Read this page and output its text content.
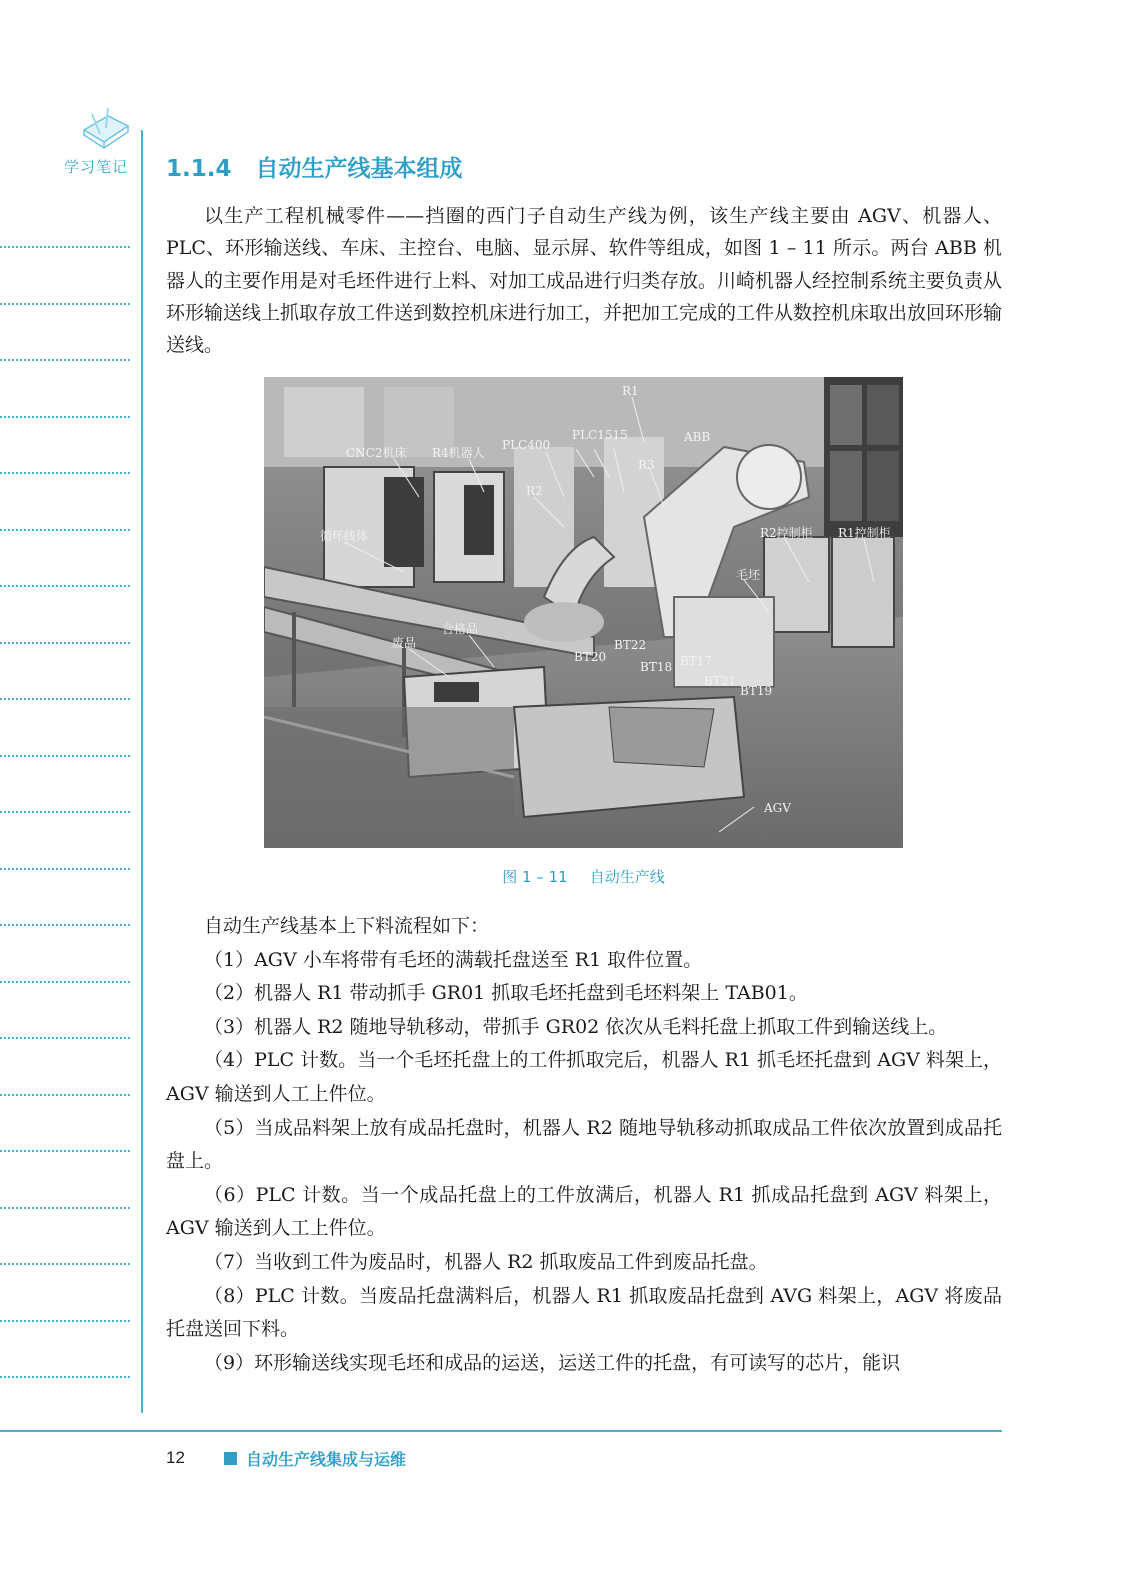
学习笔记 1.1.4 自动生产线基本组成

以生产工程机械零件——挡圈的西门子自动生产线为例，该生产线主要由 AGV、机器人、PLC、环形输送线、车床、主控台、电脑、显示屏、软件等组成，如图 1 – 11 所示。两台 ABB 机器人的主要作用是对毛坯件进行上料、对加工成品进行归类存放。川崎机器人经控制系统主要负责从环形输送线上抓取存放工件送到数控机床进行加工，并把加工完成的工件从数控机床取出放回环形输送线。

R1
ABB
PLC1515
PLC400
CNC2机床 R4机器人
R3
R2
R2控制柜 R1控制柜
循环线体
毛坯
合格品
废品	BT22
BT20
BT18 BT17
BT21
BT19
AGV
图 1 – 11 自动生产线

自动生产线基本上下料流程如下：

（1）AGV 小车将带有毛坯的满载托盘送至 R1 取件位置。

（2）机器人 R1 带动抓手 GR01 抓取毛坯托盘到毛坯料架上 TAB01。

（3）机器人 R2 随地导轨移动，带抓手 GR02 依次从毛料托盘上抓取工件到输送线上。

（4）PLC 计数。当一个毛坯托盘上的工件抓取完后，机器人 R1 抓毛坯托盘到 AGV 料架上，AGV 输送到人工上件位。

（5）当成品料架上放有成品托盘时，机器人 R2 随地导轨移动抓取成品工件依次放置到成品托盘上。

（6）PLC 计数。当一个成品托盘上的工件放满后，机器人 R1 抓成品托盘到 AGV 料架上，AGV 输送到人工上件位。

（7）当收到工件为废品时，机器人 R2 抓取废品工件到废品托盘。

（8）PLC 计数。当废品托盘满料后，机器人 R1 抓取废品托盘到 AVG 料架上，AGV 将废品托盘送回下料。

（9）环形输送线实现毛坯和成品的运送，运送工件的托盘，有可读写的芯片，能识

12	自动生产线集成与运维
